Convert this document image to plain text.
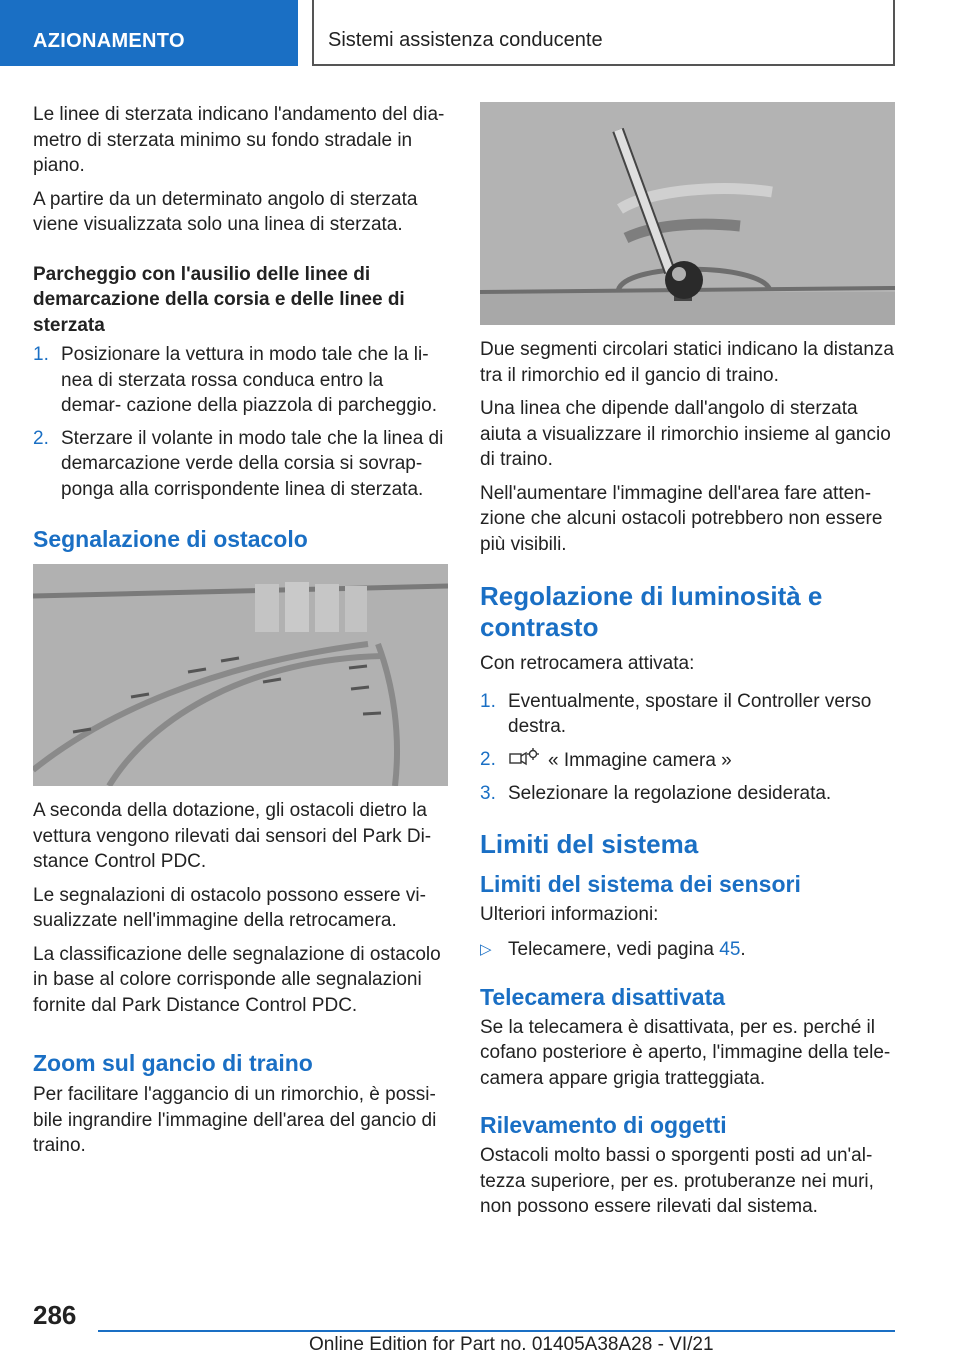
AZIONAMENTO	Sistemi assistenza conducente

Le linee di sterzata indicano l'andamento del dia‐ metro di sterzata minimo su fondo stradale in piano.

A partire da un determinato angolo di sterzata viene visualizzata solo una linea di sterzata.

Parcheggio con l'ausilio delle linee di demarcazione della corsia e delle linee di sterzata
1. Posizionare la vettura in modo tale che la li‐ nea di sterzata rossa conduca entro la demar‐ cazione della piazzola di parcheggio.
2. Sterzare il volante in modo tale che la linea di demarcazione verde della corsia si sovrap‐ ponga alla corrispondente linea di sterzata.
Segnalazione di ostacolo

A seconda della dotazione, gli ostacoli dietro la vettura vengono rilevati dai sensori del Park Di‐ stance Control PDC.

Le segnalazioni di ostacolo possono essere vi‐ sualizzate nell'immagine della retrocamera.

La classificazione delle segnalazione di ostacolo in base al colore corrisponde alle segnalazioni fornite dal Park Distance Control PDC.

Zoom sul gancio di traino

Per facilitare l'aggancio di un rimorchio, è possi‐ bile ingrandire l'immagine dell'area del gancio di traino.

Due segmenti circolari statici indicano la distanza tra il rimorchio ed il gancio di traino.

Una linea che dipende dall'angolo di sterzata aiuta a visualizzare il rimorchio insieme al gancio di traino.

Nell'aumentare l'immagine dell'area fare atten‐ zione che alcuni ostacoli potrebbero non essere più visibili.

Regolazione di luminosità e contrasto

Con retrocamera attivata:

1. Eventualmente, spostare il Controller verso destra.
2.	« Immagine camera »
3. Selezionare la regolazione desiderata.
Limiti del sistema
Limiti del sistema dei sensori

Ulteriori informazioni:

▷ Telecamere, vedi pagina 45.
Telecamera disattivata

Se la telecamera è disattivata, per es. perché il cofano posteriore è aperto, l'immagine della tele‐ camera appare grigia tratteggiata.

Rilevamento di oggetti

Ostacoli molto bassi o sporgenti posti ad un'al‐ tezza superiore, per es. protuberanze nei muri, non possono essere rilevati dal sistema.

286
Online Edition for Part no. 01405A38A28 - VI/21
